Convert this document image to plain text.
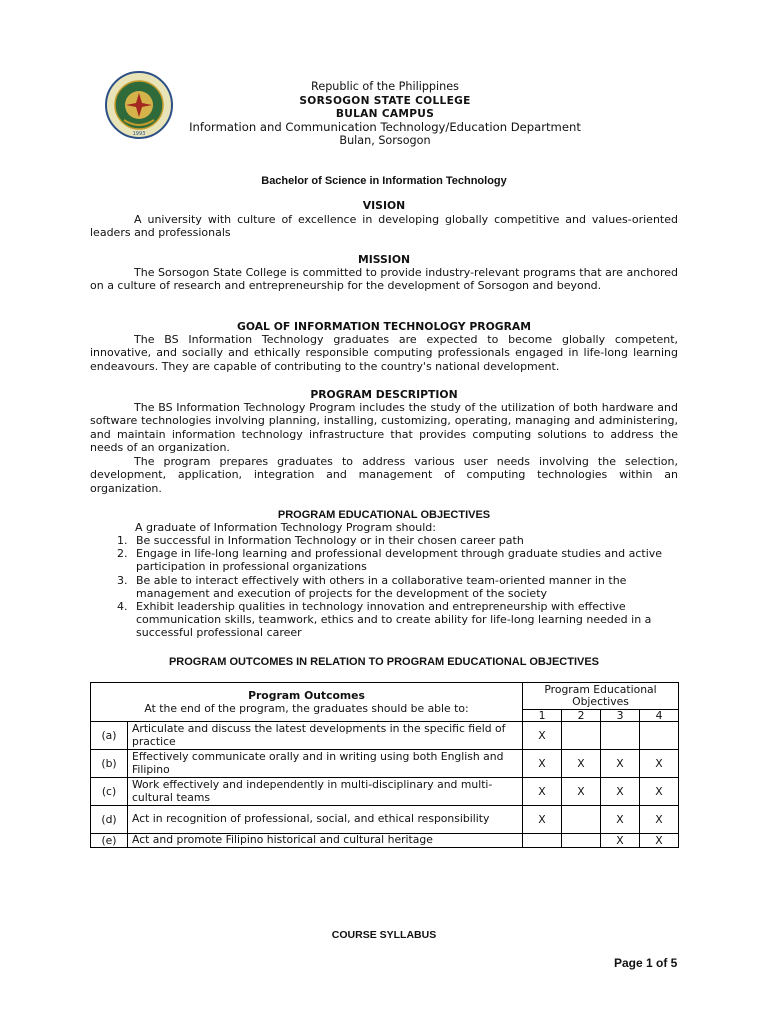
1993
Republic of the Philippines
SORSOGON STATE COLLEGE
BULAN CAMPUS
Information and Communication Technology/Education Department
Bulan, Sorsogon
Bachelor of Science in Information Technology
VISION
A university with culture of excellence in developing globally competitive and values-oriented leaders and professionals
MISSION
The Sorsogon State College is committed to provide industry-relevant programs that are anchored on a culture of research and entrepreneurship for the development of Sorsogon and beyond.
GOAL OF INFORMATION TECHNOLOGY PROGRAM
The BS Information Technology graduates are expected to become globally competent, innovative, and socially and ethically responsible computing professionals engaged in life-long learning endeavours. They are capable of contributing to the country's national development.
PROGRAM DESCRIPTION
The BS Information Technology Program includes the study of the utilization of both hardware and software technologies involving planning, installing, customizing, operating, managing and administering, and maintain information technology infrastructure that provides computing solutions to address the needs of an organization.
The program prepares graduates to address various user needs involving the selection, development, application, integration and management of computing technologies within an organization.
PROGRAM EDUCATIONAL OBJECTIVES
A graduate of Information Technology Program should:
1. Be successful in Information Technology or in their chosen career path
2. Engage in life-long learning and professional development through graduate studies and active participation in professional organizations
3. Be able to interact effectively with others in a collaborative team-oriented manner in the management and execution of projects for the development of the society
4. Exhibit leadership qualities in technology innovation and entrepreneurship with effective communication skills, teamwork, ethics and to create ability for life-long learning needed in a successful professional career
PROGRAM OUTCOMES IN RELATION TO PROGRAM EDUCATIONAL OBJECTIVES
Program Outcomes
At the end of the program, the graduates should be able to:		Program Educational Objectives			
		1	2	3	4
(a)	Articulate and discuss the latest developments in the specific field of practice	X			
(b)	Effectively communicate orally and in writing using both English and Filipino	X	X	X	X
(c)	Work effectively and independently in multi-disciplinary and multi-cultural teams	X	X	X	X
(d)	Act in recognition of professional, social, and ethical responsibility	X		X	X
(e)	Act and promote Filipino historical and cultural heritage			X	X
COURSE SYLLABUS
Page 1 of 5
